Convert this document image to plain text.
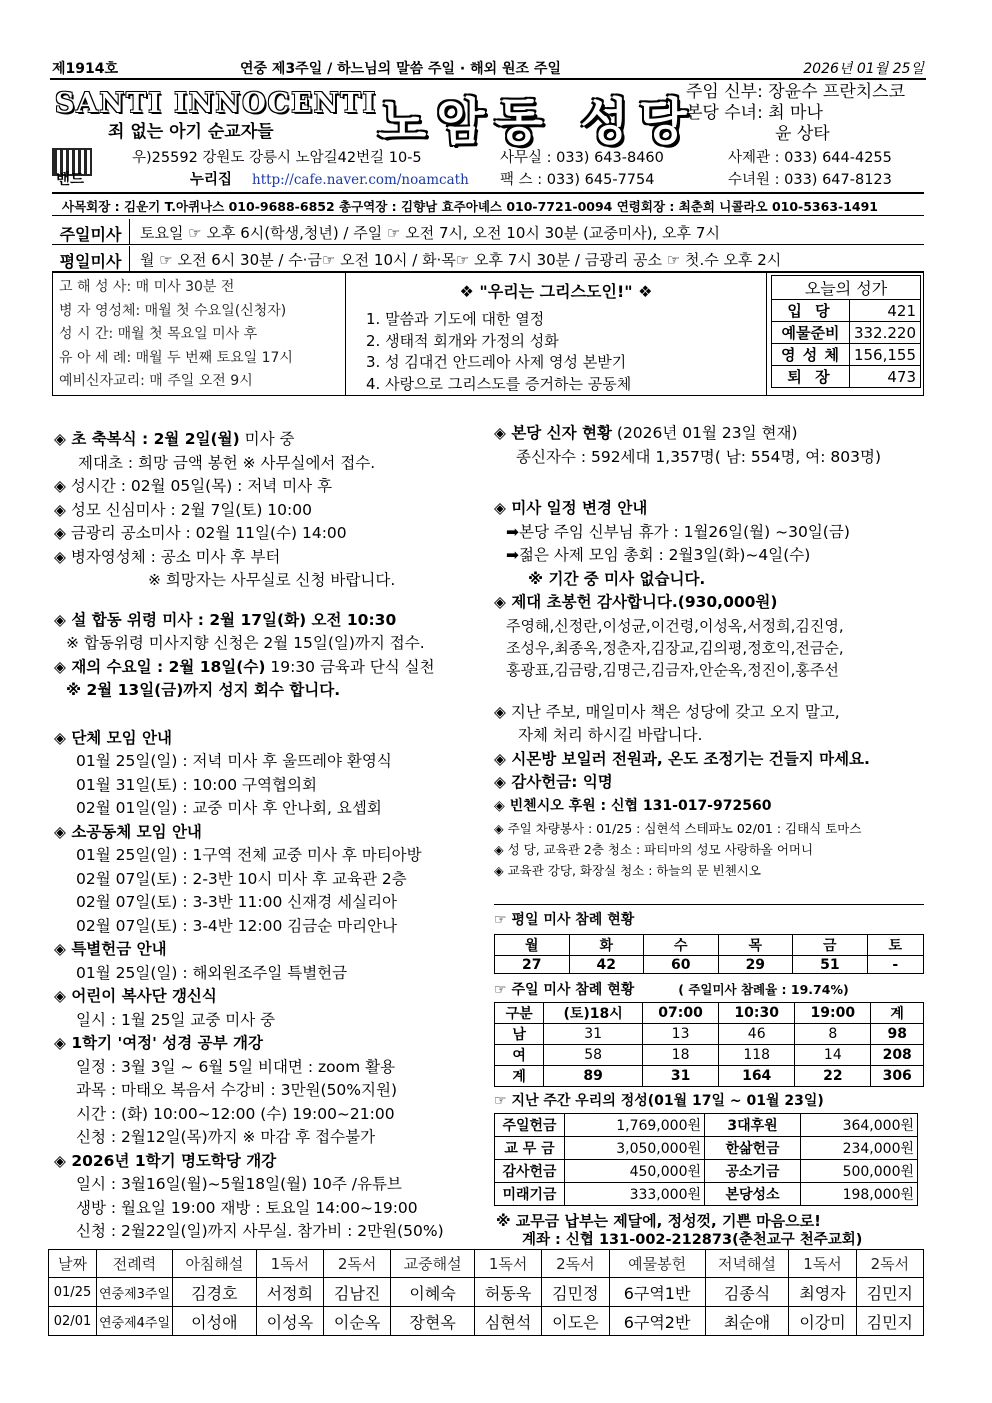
제1914호	연중 제3주일 / 하느님의 말씀 주일 · 해외 원조 주일	2026년 01월 25일
SANTI INNOCENTI
죄 없는 아기 순교자들 노암동 성당
주임 신부: 장윤수 프란치스코
본당 수녀: 최 마나
윤 상타
우)25592 강원도 강릉시 노암길42번길 10-5	사무실 : 033) 643-8460	사제관 : 033) 644-4255
밴드	누리집 http://cafe.naver.com/noamcath 팩 스 : 033) 645-7754	수녀원 : 033) 647-8123
사목회장 : 김운기 T.아퀴나스 010-9688-6852 총구역장 : 김향남 효주아녜스 010-7721-0094 연령회장 : 최춘희 니콜라오 010-5363-1491
주일미사	토요일 ☞ 오후 6시(학생,청년) / 주일 ☞ 오전 7시, 오전 10시 30분 (교중미사), 오후 7시
평일미사	월 ☞ 오전 6시 30분 / 수·금☞ 오전 10시 / 화·목☞ 오후 7시 30분 / 금광리 공소 ☞ 첫.수 오후 2시
고 해 성 사: 매 미사 30분 전
병 자 영성체: 매월 첫 수요일(신청자)
성 시 간: 매월 첫 목요일 미사 후
유 아 세 례: 매월 두 번째 토요일 17시
예비신자교리: 매 주일 오전 9시
❖ "우리는 그리스도인!" ❖
1. 말씀과 기도에 대한 열정
2. 생태적 회개와 가정의 성화
3. 성 김대건 안드레아 사제 영성 본받기
4. 사랑으로 그리스도를 증거하는 공동체
오늘의 성가	
입 당	421
예물준비	332.220
영 성 체	156,155
퇴 장	473
◈ 초 축복식 : 2월 2일(월) 미사 중
제대초 : 희망 금액 봉헌 ※ 사무실에서 접수.
◈ 성시간 : 02월 05일(목) : 저녁 미사 후
◈ 성모 신심미사 : 2월 7일(토) 10:00
◈ 금광리 공소미사 : 02월 11일(수) 14:00
◈ 병자영성체 : 공소 미사 후 부터
※ 희망자는 사무실로 신청 바랍니다.
◈ 설 합동 위령 미사 : 2월 17일(화) 오전 10:30
※ 합동위령 미사지향 신청은 2월 15일(일)까지 접수.
◈ 재의 수요일 : 2월 18일(수) 19:30 금육과 단식 실천
※ 2월 13일(금)까지 성지 회수 합니다.
◈ 단체 모임 안내
01월 25일(일) : 저녁 미사 후 울뜨레야 환영식
01월 31일(토) : 10:00 구역협의회
02월 01일(일) : 교중 미사 후 안나회, 요셉회
◈ 소공동체 모임 안내
01월 25일(일) : 1구역 전체 교중 미사 후 마티아방
02월 07일(토) : 2-3반 10시 미사 후 교육관 2층
02월 07일(토) : 3-3반 11:00 신재경 세실리아
02월 07일(토) : 3-4반 12:00 김금순 마리안나
◈ 특별헌금 안내
01월 25일(일) : 해외원조주일 특별헌금
◈ 어린이 복사단 갱신식
일시 : 1월 25일 교중 미사 중
◈ 1학기 '여정' 성경 공부 개강
일정 : 3월 3일 ~ 6월 5일 비대면 : zoom 활용
과목 : 마태오 복음서 수강비 : 3만원(50%지원)
시간 : (화) 10:00~12:00 (수) 19:00~21:00
신청 : 2월12일(목)까지 ※ 마감 후 접수불가
◈ 2026년 1학기 명도학당 개강
일시 : 3월16일(월)~5월18일(월) 10주 /유튜브
생방 : 월요일 19:00 재방 : 토요일 14:00~19:00
신청 : 2월22일(일)까지 사무실. 참가비 : 2만원(50%)
◈ 본당 신자 현황 (2026년 01월 23일 현재)
종신자수 : 592세대 1,357명( 남: 554명, 여: 803명)
◈ 미사 일정 변경 안내
➡본당 주임 신부님 휴가 : 1월26일(월) ~30일(금)
➡젊은 사제 모임 총회 : 2월3일(화)~4일(수)
※ 기간 중 미사 없습니다.
◈ 제대 초봉헌 감사합니다.(930,000원)
주영해,신정란,이성균,이건령,이성옥,서정희,김진영,
조성우,최종옥,정춘자,김장교,김의평,정호익,전금순,
홍광표,김금랑,김명근,김금자,안순옥,정진이,홍주선
◈ 지난 주보, 매일미사 책은 성당에 갖고 오지 말고,
자체 처리 하시길 바랍니다.
◈ 시몬방 보일러 전원과, 온도 조정기는 건들지 마세요.
◈ 감사헌금: 익명
◈ 빈첸시오 후원 : 신협 131-017-972560
◈ 주일 차량봉사 : 01/25 : 심현석 스테파노 02/01 : 김태식 토마스
◈ 성 당, 교육관 2층 청소 : 파티마의 성모 사랑하올 어머니
◈ 교육관 강당, 화장실 청소 : 하늘의 문 빈첸시오
☞ 평일 미사 참례 현황
월	화	수	목	금	토
27	42	60	29	51	-
☞ 주일 미사 참례 현황	( 주일미사 참례율 : 19.74%)
구분	(토)18시	07:00	10:30	19:00	계
남	31	13	46	8	98
여	58	18	118	14	208
계	89	31	164	22	306
☞ 지난 주간 우리의 정성(01월 17일 ~ 01월 23일)
주일헌금	1,769,000원	3대후원	364,000원
교 무 금	3,050,000원	한삶헌금	234,000원
감사헌금	450,000원	공소기금	500,000원
미래기금	333,000원	본당성소	198,000원
※ 교무금 납부는 제달에, 정성껏, 기쁜 마음으로!
계좌 : 신협 131-002-212873(춘천교구 천주교회)
날짜	전례력	아침해설	1독서	2독서	교중해설	1독서	2독서	예물봉헌	저녁해설	1독서	2독서
01/25	연중제3주일	김경호	서정희	김남진	이혜숙	허동욱	김민정	6구역1반	김종식	최영자	김민지
02/01	연중제4주일	이성애	이성옥	이순옥	장현옥	심현석	이도은	6구역2반	최순애	이강미	김민지
